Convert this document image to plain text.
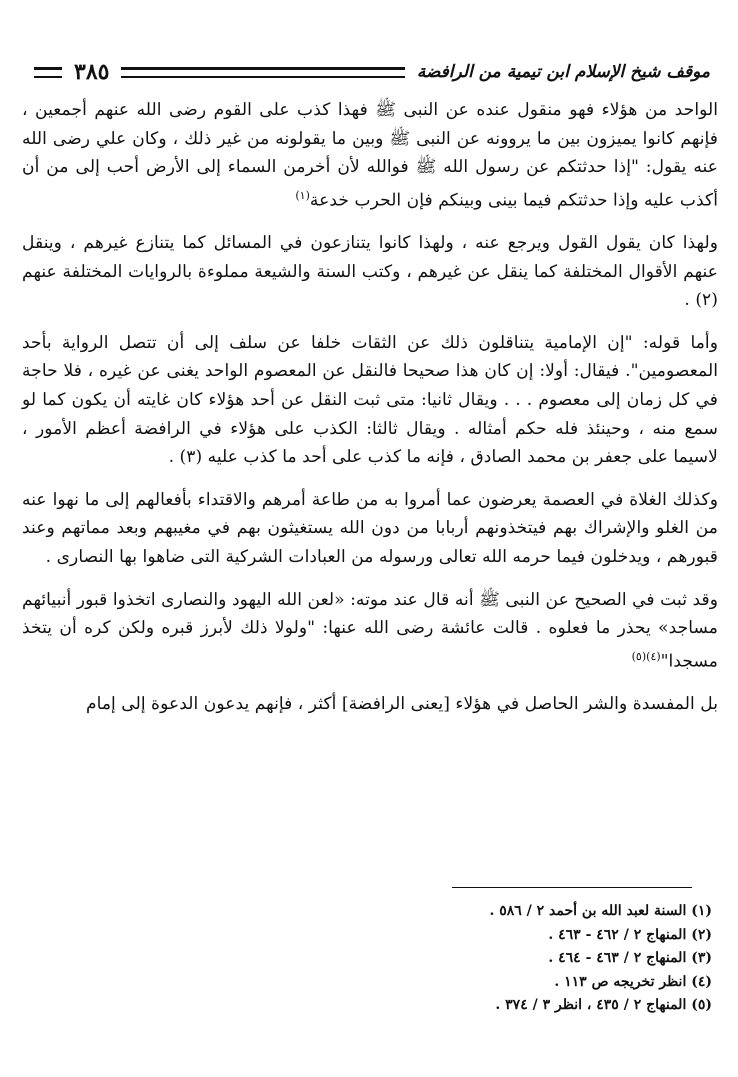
موقف شيخ الإسلام ابن تيمية من الرافضة
٣٨٥

الواحد من هؤلاء فهو منقول عنده عن النبى ﷺ فهذا كذب على القوم رضى الله عنهم أجمعين ، فإنهم كانوا يميزون بين ما يروونه عن النبى ﷺ وبين ما يقولونه من غير ذلك ، وكان علي رضى الله عنه يقول: "إذا حدثتكم عن رسول الله ﷺ فوالله لأن أخرمن السماء إلى الأرض أحب إلى من أن أكذب عليه وإذا حدثتكم فيما بينى وبينكم فإن الحرب خدعة$^{(١)}$

ولهذا كان يقول القول ويرجع عنه ، ولهذا كانوا يتنازعون في المسائل كما يتنازع غيرهم ، وينقل عنهم الأقوال المختلفة كما ينقل عن غيرهم ، وكتب السنة والشيعة مملوءة بالروايات المختلفة عنهم (٢) .

وأما قوله: "إن الإمامية يتناقلون ذلك عن الثقات خلفا عن سلف إلى أن تتصل الرواية بأحد المعصومين". فيقال: أولا: إن كان هذا صحيحا فالنقل عن المعصوم الواحد يغنى عن غيره ، فلا حاجة في كل زمان إلى معصوم . . . ويقال ثانيا: متى ثبت النقل عن أحد هؤلاء كان غايته أن يكون كما لو سمع منه ، وحينئذ فله حكم أمثاله . ويقال ثالثا: الكذب على هؤلاء في الرافضة أعظم الأمور ، لاسيما على جعفر بن محمد الصادق ، فإنه ما كذب على أحد ما كذب عليه (٣) .

وكذلك الغلاة في العصمة يعرضون عما أمروا به من طاعة أمرهم والاقتداء بأفعالهم إلى ما نهوا عنه من الغلو والإشراك بهم فيتخذونهم أربابا من دون الله يستغيثون بهم في مغيبهم وبعد مماتهم وعند قبورهم ، ويدخلون فيما حرمه الله تعالى ورسوله من العبادات الشركية التى ضاهوا بها النصارى .

وقد ثبت في الصحيح عن النبى ﷺ أنه قال عند موته: «لعن الله اليهود والنصارى اتخذوا قبور أنبيائهم مساجد» يحذر ما فعلوه . قالت عائشة رضى الله عنها: "ولولا ذلك لأبرز قبره ولكن كره أن يتخذ مسجدا"$^{(٤)(٥)}$

بل المفسدة والشر الحاصل في هؤلاء [يعنى الرافضة] أكثر ، فإنهم يدعون الدعوة إلى إمام

(١) السنة لعبد الله بن أحمد ٢ / ٥٨٦ .
(٢) المنهاج ٢ / ٤٦٢ - ٤٦٣ .
(٣) المنهاج ٢ / ٤٦٣ - ٤٦٤ .
(٤) انظر تخريجه ص ١١٣ .
(٥) المنهاج ٢ / ٤٣٥ ، انظر ٣ / ٣٧٤ .
